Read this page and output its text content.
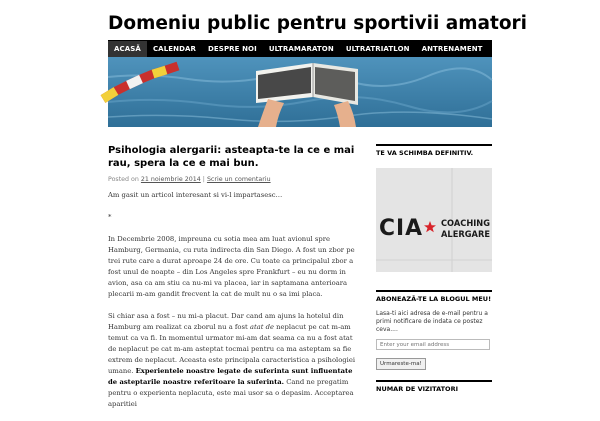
Domeniu public pentru sportivii amatori
ACASĂ	CALENDAR	DESPRE NOI	ULTRAMARATON	ULTRATRIATLON	ANTRENAMENT	NUTRITIE
Psihologia alergarii: asteapta-te la ce e mai rau, spera la ce e mai bun.
Posted on 21 noiembrie 2014 | Scrie un comentariu

Am gasit un articol interesant si vi-l impartasesc…

*

In Decembrie 2008, impreuna cu sotia mea am luat avionul spre Hamburg, Germania, cu ruta indirecta din San Diego. A fost un zbor pe trei rute care a durat aproape 24 de ore. Cu toate ca principalul zbor a fost unul de noapte – din Los Angeles spre Frankfurt – eu nu dorm in avion, asa ca am stiu ca nu-mi va placea, iar in saptamana anterioara plecarii m-am gandit frecvent la cat de mult nu o sa imi placa.

Si chiar asa a fost – nu mi-a placut. Dar cand am ajuns la hotelul din Hamburg am realizat ca zborul nu a fost atat de neplacut pe cat m-am temut ca va fi. In momentul urmator mi-am dat seama ca nu a fost atat de neplacut pe cat m-am asteptat tocmai pentru ca ma asteptam sa fie extrem de neplacut. Aceasta este principala caracteristica a psihologiei umane. Experientele noastre legate de suferinta sunt influentate de asteptarile noastre referitoare la suferinta. Cand ne pregatim pentru o experienta neplacuta, este mai usor sa o depasim. Acceptarea aparitiei

TE VA SCHIMBA DEFINITIV.
CIA COACHING
ALERGARE
ABONEAZĂ-TE LA BLOGUL MEU!
Lasa-ti aici adresa de e-mail pentru a primi notificare de indata ce postez ceva....
Enter your email address Urmareste-ma!
NUMAR DE VIZITATORI
